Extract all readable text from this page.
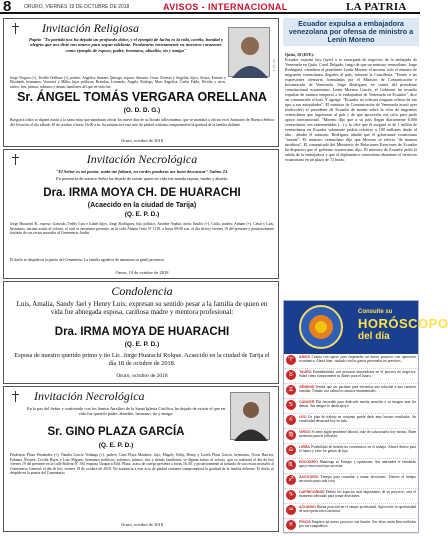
8	ORURO, VIERNES 19 DE OCTUBRE DE 2018	AVISOS - INTERNACIONAL	LA PATRIA
Invitación Religiosa
Papito "Tu partida nos ha dejado un profundo dolor, y el ejemplo de lucha es la vida, cariño, bondad y alegría que nos diste nos mueve para seguir adelante. Perduraras eternamente en nuestros corazones como ejemplo de esposo, padre, hermano, abuelito, tío y amigo"
Jorge Vergara (+), Teofila Orellana (+), padres; Angelica Jimenes Quiroga, esposa; Antonio, Cesar, Ernesto y Angelita, hijos; Arturo, Ernesto y Elizabeth, hermanos; Veronica y Milka, hijas políticas; Brandon, Leonardo, Angela, Rodrigo, Marc Angelica, Carlos Pablo, Nicolas y otros, nietos; tios, primos, sobrinos y demas familiares del que en vida fue:
Sr. ÁNGEL TOMÁS VERGARA ORELLANA
(O. D. D. G.)
Ruegan a todos se dignen asistir a la santa misa que mandaran oficiar los nueve días de su llorado fallecimiento, que se mandará a oficiar en el Santuario de Nuestra Señora del Socavón, el día sábado 20 de octubre a horas 16:00 a.m. Su asistencia a este acto de piedad cristiana comprometerá la gratitud de la familia doliente.
Oruro, octubre de 2018
SE-36-1
Invitación Necrológica
"El Señor es mi pastor, nada me faltará, en verdes praderas me hará descansar" Salmo 23.
En presencia de nuestro Señor ha dejado de existir quien en vida fue amada esposa, madre y abuela:
Dra. IRMA MOYA CH. DE HUARACHI
(Acaecido en la ciudad de Tarija)
(Q. E. P. D.)
Jorge Huarachi R., esposo; Gonzalo, Teddy Luis e Isabel hijos; Jorge Rodriguez, hijo político; Ariadne Sophia, nieta; Emilio (+), Cirila, padres; Adnam (+), César y Luis, hermanos; invitan asistir al velorio, el cual se encuentra presente, en la calle Aldana Ortiz Nº 1119, a horas 09:00 a.m. el día de hoy viernes 19 del presente y posteriormente traslado de sus restos mortales al Cementerio Jardín.
El duelo se despide en la puerta del Cementerio. La familia agradece de antemano su gentil presencia.
Oruro, 19 de octubre de 2018
Condolencia
Luis, Amalia, Sandy Jael y Henry Luis; expresan su sentido pesar a la familia de quien en vida fue abnegada esposa, cariñosa madre y mentora profesional:
Dra. IRMA MOYA DE HUARACHI
(Q. E. P. D.)
Esposa de nuestro querido primo y tío Lic. Jorge Huarachi Rolque. Acaecido en la ciudad de Tarija el día 18 de octubre de 2018.
Oruro, octubre de 2018
Invitación Necrológica
En la paz del Señor y confortado con los Santos Auxilios de la Santa Iglesia Católica, ha dejado de existir el que en vida fue querido padre, abuelito, hermano, tío y amigo:
Sr. GINO PLAZA GARCÍA
(Q. E. P. D.)
Prudencio Plaza Fernández (+), Natalia García Vedanga (+), padres; Gino Plaza Martínez, hijo; Magaly, Eddy, Henry y Lizeth Plaza García, hermanos; Oscar Barrios, Fabiana Álvarez, Cecilia Rojas y Luis Miguez, hermanos políticos; sobrinos, primos, tíos y demás familiares, se dignan asistir al velorio, que se realizará el día de hoy viernes 19 del presente en la calle Bolivar Nº 561 esquina Tarapacá Edif. Plaza; acaso de cuerpo presente a horas 16:30, y posteriormente al traslado de sus restos mortales al Cementerio General, el día de hoy viernes 19 de octubre de 2018. No asistencia a este acto de piedad cristiana comprometerá la gratitud de la familia doliente. El duelo se despide en la puerta del Cementerio.
Oruro, octubre de 2018
Ecuador expulsa a embajadora venezolana por ofensa de ministro a Lenín Moreno
Quito, 18 (EFE).-
Ecuador expulsó hoy (ayer) a la encargada de negocios de la embajada de Venezuela en Quito, Carol Delgado, luego de que un ministro venezolano, Jorge Rodríguez, ofendiera al presidente Lenín Moreno al mostrar solo el número de migrantes venezolanos llegados al país, informó la Cancillería. "Frente a las expresiones ofensivas formuladas por el Ministro de Comunicación e Información de Venezuela, Jorge Rodríguez, en contra del presidente constitucional ecuatoriano, Lenín Moreno Garcés, el Gobierno ha resuelto expulsar de manera temporal a la embajadora de Venezuela en Ecuador", dice un comunicado oficial. Y agrega: "Ecuador no tolerará ninguna ofensa de ese tipo a sus autoridades". El ministro de Comunicación de Venezuela acusó ayer (miércoles) al presidente de Ecuador de mentir sobre la cifra de migrantes venezolanos que ingresaron al país y de que aproveche esa cifra para pedir apoyo internacional. "Moreno dijo que a su país llegan diariamente 6.000 venezolanos con enfermedades (...) y la cifra que él aseguró es de 1 millón de venezolanos en Ecuador solamente podría referirse a 190 millones desde el año... añadió el ministro. Rodríguez añadió que el gobernante ecuatoriano "miente". El ministro venezolano dijo que Moreno se refería "de manera insidiosa". El comunicado del Ministerio de Relaciones Exteriores de Ecuador ha dispuesto que el gobierno ecuatoriano dijo: El ministro de Ecuador pidió la salida de la embajadora y que el diplomático venezolano abandone el territorio ecuatoriano en un plazo de 72 horas.
Consulte su
HORÓSCOPO
del día
♈	ARIES Cuenta con apoyo para emprender un nuevo proyecto con operación económica. Ahora bien, cuidado con las gastos personales no previstos.
♉	TAURO Entendimiento con personas innovadoras en el proceso de negocios. Sabrá cómo comprometer su dinero para el futuro.
♊	GÉMINIS Tendrá que ser paciente para encontrar una solución a una cuestión familiar. Tómate con calma los asuntos sentimentales.
♋	CÁNCER Día favorable para dedicarle mucha atención a su imagen ante los demás. Sus amigos le darán apoyo.
♌	LEO Un plan de trabajo en conjunto puede darle muy buenos resultados. Su creatividad destacará hoy en todo.
♍	VIRGO Si tiene algún pendiente laboral, trate de solucionarlo hoy mismo. Buen momento para la reflexión.
♎	LIBRA Posibilidad de beneficios económicos en el trabajo. Ahorre dinero para el futuro y evite los gastos de lujo.
♏	ESCORPIO Mantenga su Energía y optimismo. Sus amistades le brindarán apoyo emocional que necesita.
♐	SAGITARIO Tiempo para consultar y tomar decisiones. Tómese el tiempo necesario para cada cosa.
♑	CAPRICORNIO Defina los aspectos más importantes de su proyecto; será el momento adecuado para tomar decisiones.
♒	ACUARIO Buena posición en el campo profesional. Aproveche la oportunidad de una operación económica.
♓	PISCIS Empiece un nuevo proyecto con ilusión. Sus ideas serán bien recibidas por sus compañeros.
